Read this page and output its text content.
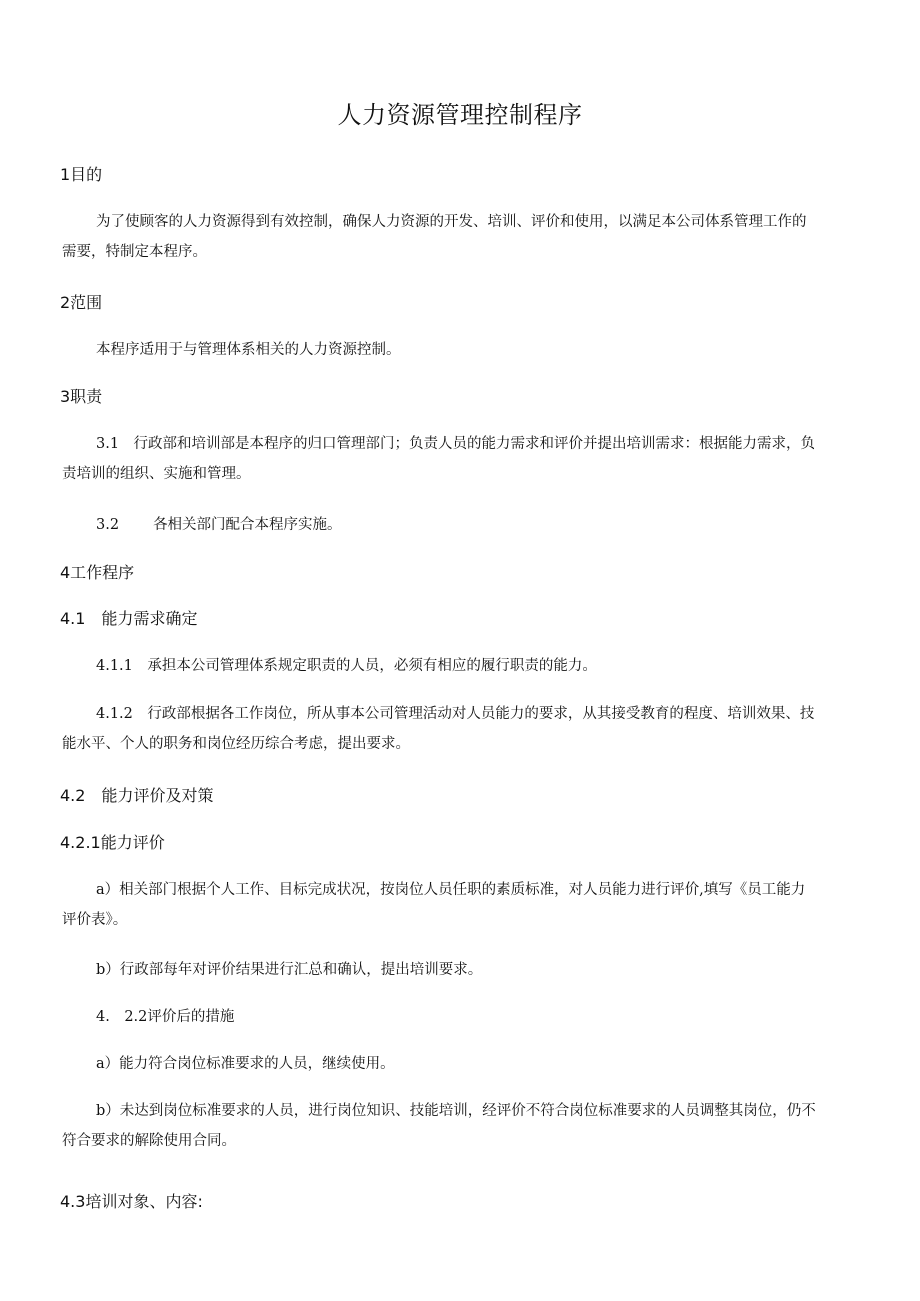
人力资源管理控制程序
1目的

为了使顾客的人力资源得到有效控制，确保人力资源的开发、培训、评价和使用，以满足本公司体系管理工作的需要，特制定本程序。

2范围

本程序适用于与管理体系相关的人力资源控制。

3职责

3.1　行政部和培训部是本程序的归口管理部门；负责人员的能力需求和评价并提出培训需求：根据能力需求，负责培训的组织、实施和管理。

3.2 各相关部门配合本程序实施。

4工作程序
4.1　能力需求确定

4.1.1　承担本公司管理体系规定职责的人员，必须有相应的履行职责的能力。

4.1.2　行政部根据各工作岗位，所从事本公司管理活动对人员能力的要求，从其接受教育的程度、培训效果、技能水平、个人的职务和岗位经历综合考虑，提出要求。

4.2　能力评价及对策
4.2.1能力评价

a）相关部门根据个人工作、目标完成状况，按岗位人员任职的素质标准，对人员能力进行评价,填写《员工能力评价表》。

b）行政部每年对评价结果进行汇总和确认，提出培训要求。

4.　2.2评价后的措施

a）能力符合岗位标准要求的人员，继续使用。

b）未达到岗位标准要求的人员，进行岗位知识、技能培训，经评价不符合岗位标准要求的人员调整其岗位，仍不符合要求的解除使用合同。

4.3培训对象、内容:
